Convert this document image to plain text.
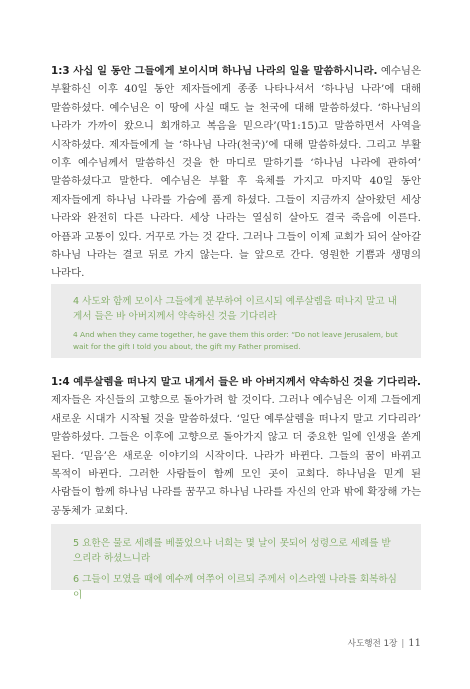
1:3 사십 일 동안 그들에게 보이시며 하나님 나라의 일을 말씀하시니라. 예수님은 부활하신 이후 40일 동안 제자들에게 종종 나타나셔서 ‘하나님 나라’에 대해 말씀하셨다. 예수님은 이 땅에 사실 때도 늘 천국에 대해 말씀하셨다. ‘하나님의 나라가 가까이 왔으니 회개하고 복음을 믿으라’(막1:15)고 말씀하면서 사역을 시작하셨다. 제자들에게 늘 ‘하나님 나라(천국)’에 대해 말씀하셨다. 그리고 부활 이후 예수님께서 말씀하신 것을 한 마디로 말하기를 ‘하나님 나라에 관하여’ 말씀하셨다고 말한다. 예수님은 부활 후 육체를 가지고 마지막 40일 동안 제자들에게 하나님 나라를 가슴에 품게 하셨다. 그들이 지금까지 살아왔던 세상 나라와 완전히 다른 나라다. 세상 나라는 열심히 살아도 결국 죽음에 이른다. 아픔과 고통이 있다. 거꾸로 가는 것 같다. 그러나 그들이 이제 교회가 되어 살아갈 하나님 나라는 결코 뒤로 가지 않는다. 늘 앞으로 간다. 영원한 기쁨과 생명의 나라다.
4 사도와 함께 모이사 그들에게 분부하여 이르시되 예루살렘을 떠나지 말고 내게서 들은 바 아버지께서 약속하신 것을 기다리라
4 And when they came together, he gave them this order: “Do not leave Jerusalem, but wait for the gift I told you about, the gift my Father promised.
1:4 예루살렘을 떠나지 말고 내게서 들은 바 아버지께서 약속하신 것을 기다리라. 제자들은 자신들의 고향으로 돌아가려 할 것이다. 그러나 예수님은 이제 그들에게 새로운 시대가 시작될 것을 말씀하셨다. ‘일단 예루살렘을 떠나지 말고 기다리라’ 말씀하셨다. 그들은 이후에 고향으로 돌아가지 않고 더 중요한 일에 인생을 쏟게 된다. ‘믿음’은 새로운 이야기의 시작이다. 나라가 바뀐다. 그들의 꿈이 바뀌고 목적이 바뀐다. 그러한 사람들이 함께 모인 곳이 교회다. 하나님을 믿게 된 사람들이 함께 하나님 나라를 꿈꾸고 하나님 나라를 자신의 안과 밖에 확장해 가는 공동체가 교회다.
5 요한은 물로 세례를 베풀었으나 너희는 몇 날이 못되어 성령으로 세례를 받으리라 하셨느니라
6 그들이 모였을 때에 예수께 여쭈어 이르되 주께서 이스라엘 나라를 회복하심이
사도행전 1장 | 11
